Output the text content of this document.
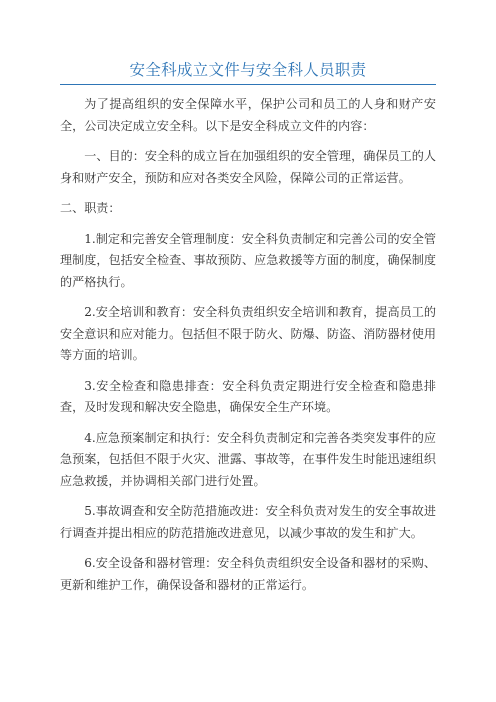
安全科成立文件与安全科人员职责

为了提高组织的安全保障水平，保护公司和员工的人身和财产安全，公司决定成立安全科。以下是安全科成立文件的内容：

一、目的：安全科的成立旨在加强组织的安全管理，确保员工的人身和财产安全，预防和应对各类安全风险，保障公司的正常运营。

二、职责：

1.制定和完善安全管理制度：安全科负责制定和完善公司的安全管理制度，包括安全检查、事故预防、应急救援等方面的制度，确保制度的严格执行。

2.安全培训和教育：安全科负责组织安全培训和教育，提高员工的安全意识和应对能力。包括但不限于防火、防爆、防盗、消防器材使用等方面的培训。

3.安全检查和隐患排查：安全科负责定期进行安全检查和隐患排查，及时发现和解决安全隐患，确保安全生产环境。

4.应急预案制定和执行：安全科负责制定和完善各类突发事件的应急预案，包括但不限于火灾、泄露、事故等，在事件发生时能迅速组织应急救援，并协调相关部门进行处置。

5.事故调查和安全防范措施改进：安全科负责对发生的安全事故进行调查并提出相应的防范措施改进意见，以减少事故的发生和扩大。

6.安全设备和器材管理：安全科负责组织安全设备和器材的采购、更新和维护工作，确保设备和器材的正常运行。
